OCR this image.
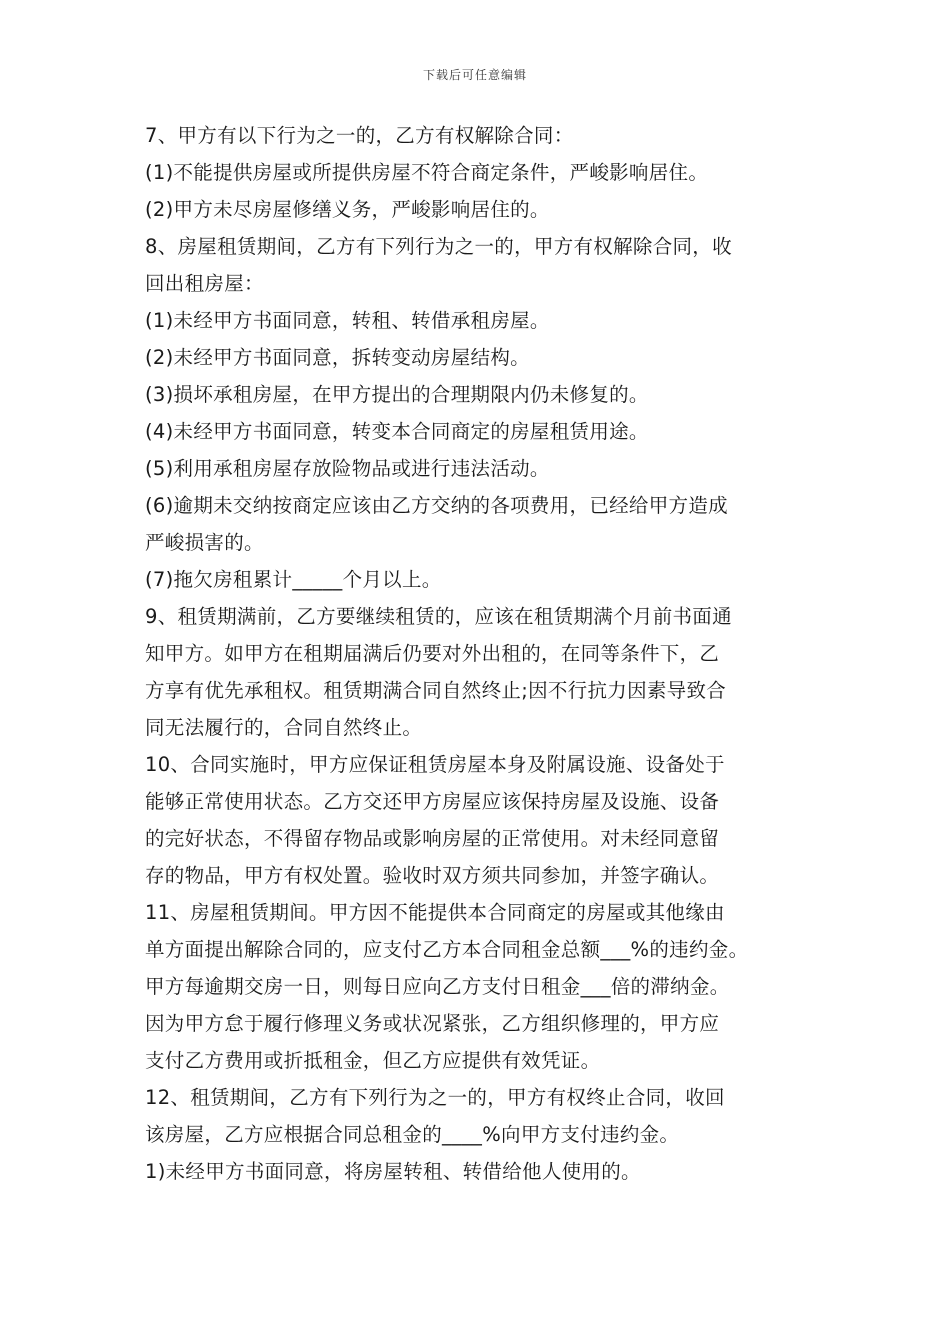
下载后可任意编辑
7、甲方有以下行为之一的，乙方有权解除合同：
(1)不能提供房屋或所提供房屋不符合商定条件，严峻影响居住。
(2)甲方未尽房屋修缮义务，严峻影响居住的。
8、房屋租赁期间，乙方有下列行为之一的，甲方有权解除合同，收
回出租房屋：
(1)未经甲方书面同意，转租、转借承租房屋。
(2)未经甲方书面同意，拆转变动房屋结构。
(3)损坏承租房屋，在甲方提出的合理期限内仍未修复的。
(4)未经甲方书面同意，转变本合同商定的房屋租赁用途。
(5)利用承租房屋存放险物品或进行违法活动。
(6)逾期未交纳按商定应该由乙方交纳的各项费用，已经给甲方造成
严峻损害的。
(7)拖欠房租累计_____个月以上。
9、租赁期满前，乙方要继续租赁的，应该在租赁期满个月前书面通
知甲方。如甲方在租期届满后仍要对外出租的，在同等条件下，乙
方享有优先承租权。租赁期满合同自然终止;因不行抗力因素导致合
同无法履行的，合同自然终止。
10、合同实施时，甲方应保证租赁房屋本身及附属设施、设备处于
能够正常使用状态。乙方交还甲方房屋应该保持房屋及设施、设备
的完好状态，不得留存物品或影响房屋的正常使用。对未经同意留
存的物品，甲方有权处置。验收时双方须共同参加，并签字确认。
11、房屋租赁期间。甲方因不能提供本合同商定的房屋或其他缘由
单方面提出解除合同的，应支付乙方本合同租金总额___%的违约金。
甲方每逾期交房一日，则每日应向乙方支付日租金___倍的滞纳金。
因为甲方怠于履行修理义务或状况紧张，乙方组织修理的，甲方应
支付乙方费用或折抵租金，但乙方应提供有效凭证。
12、租赁期间，乙方有下列行为之一的，甲方有权终止合同，收回
该房屋，乙方应根据合同总租金的____%向甲方支付违约金。
1)未经甲方书面同意，将房屋转租、转借给他人使用的。
